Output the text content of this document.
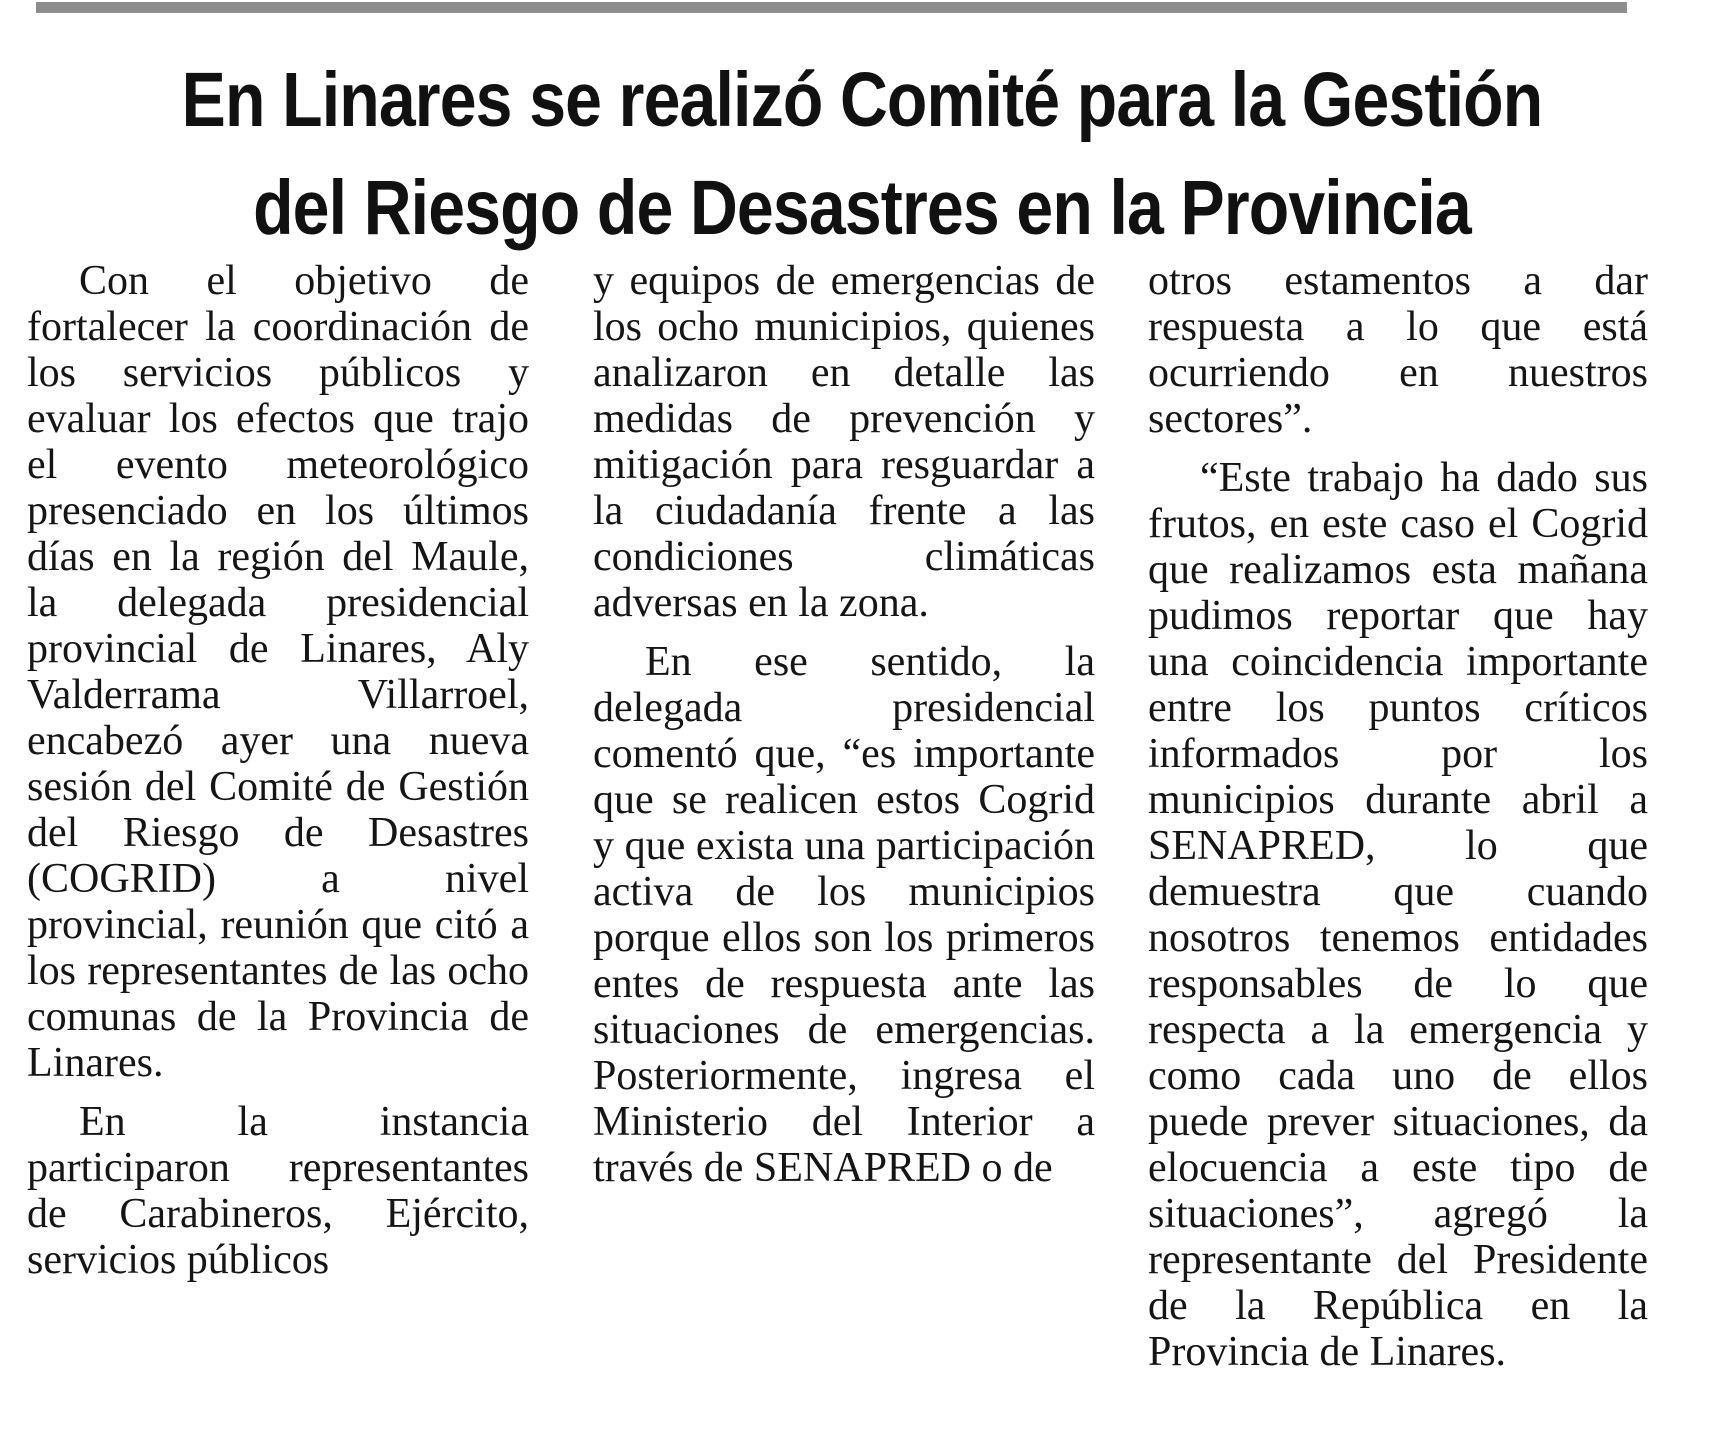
En Linares se realizó Comité para la Gestión
del Riesgo de Desastres en la Provincia

Con el objetivo de fortalecer la coordinación de los servicios públicos y evaluar los efectos que trajo el evento meteorológico presenciado en los últimos días en la región del Maule, la delegada presidencial provincial de Linares, Aly Valderrama Villarroel, encabezó ayer una nueva sesión del Comité de Gestión del Riesgo de Desastres (COGRID) a nivel provincial, reunión que citó a los representantes de las ocho comunas de la Provincia de Linares.

En la instancia participaron representantes de Carabineros, Ejército, servicios públicos

y equipos de emergencias de los ocho municipios, quienes analizaron en detalle las medidas de prevención y mitigación para resguardar a la ciudadanía frente a las condiciones climáticas adversas en la zona.

En ese sentido, la delegada presidencial comentó que, “es importante que se realicen estos Cogrid y que exista una participación activa de los municipios porque ellos son los primeros entes de respuesta ante las situaciones de emergencias. Posteriormente, ingresa el Ministerio del Interior a través de SENAPRED o de

otros estamentos a dar respuesta a lo que está ocurriendo en nuestros sectores”.

“Este trabajo ha dado sus frutos, en este caso el Cogrid que realizamos esta mañana pudimos reportar que hay una coincidencia importante entre los puntos críticos informados por los municipios durante abril a SENAPRED, lo que demuestra que cuando nosotros tenemos entidades responsables de lo que respecta a la emergencia y como cada uno de ellos puede prever situaciones, da elocuencia a este tipo de situaciones”, agregó la representante del Presidente de la República en la Provincia de Linares.
